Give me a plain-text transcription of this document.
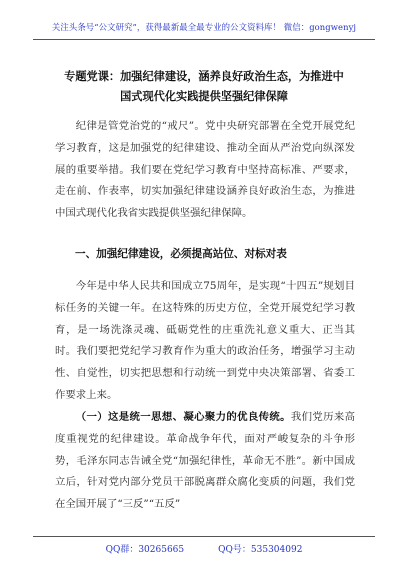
关注头条号“公文研究”，获得最新最全最专业的公文资料库！ 微信：gongwenyj
专题党课：加强纪律建设，涵养良好政治生态，为推进中
国式现代化实践提供坚强纪律保障
纪律是管党治党的“戒尺”。党中央研究部署在全党开展党纪学习教育，这是加强党的纪律建设、推动全面从严治党向纵深发展的重要举措。我们要在党纪学习教育中坚持高标准、严要求，走在前、作表率，切实加强纪律建设涵养良好政治生态，为推进中国式现代化我省实践提供坚强纪律保障。
一、加强纪律建设，必须提高站位、对标对表
今年是中华人民共和国成立75周年，是实现“十四五”规划目标任务的关键一年。在这特殊的历史方位，全党开展党纪学习教育，是一场洗涤灵魂、砥砺党性的庄重洗礼意义重大、正当其时。我们要把党纪学习教育作为重大的政治任务，增强学习主动性、自觉性，切实把思想和行动统一到党中央决策部署、省委工作要求上来。
（一）这是统一思想、凝心聚力的优良传统。我们党历来高度重视党的纪律建设。革命战争年代，面对严峻复杂的斗争形势，毛泽东同志告诫全党“加强纪律性，革命无不胜”。新中国成立后，针对党内部分党员干部脱离群众腐化变质的问题，我们党在全国开展了“三反”“五反”
QQ群：30265665	QQ号：535304092
